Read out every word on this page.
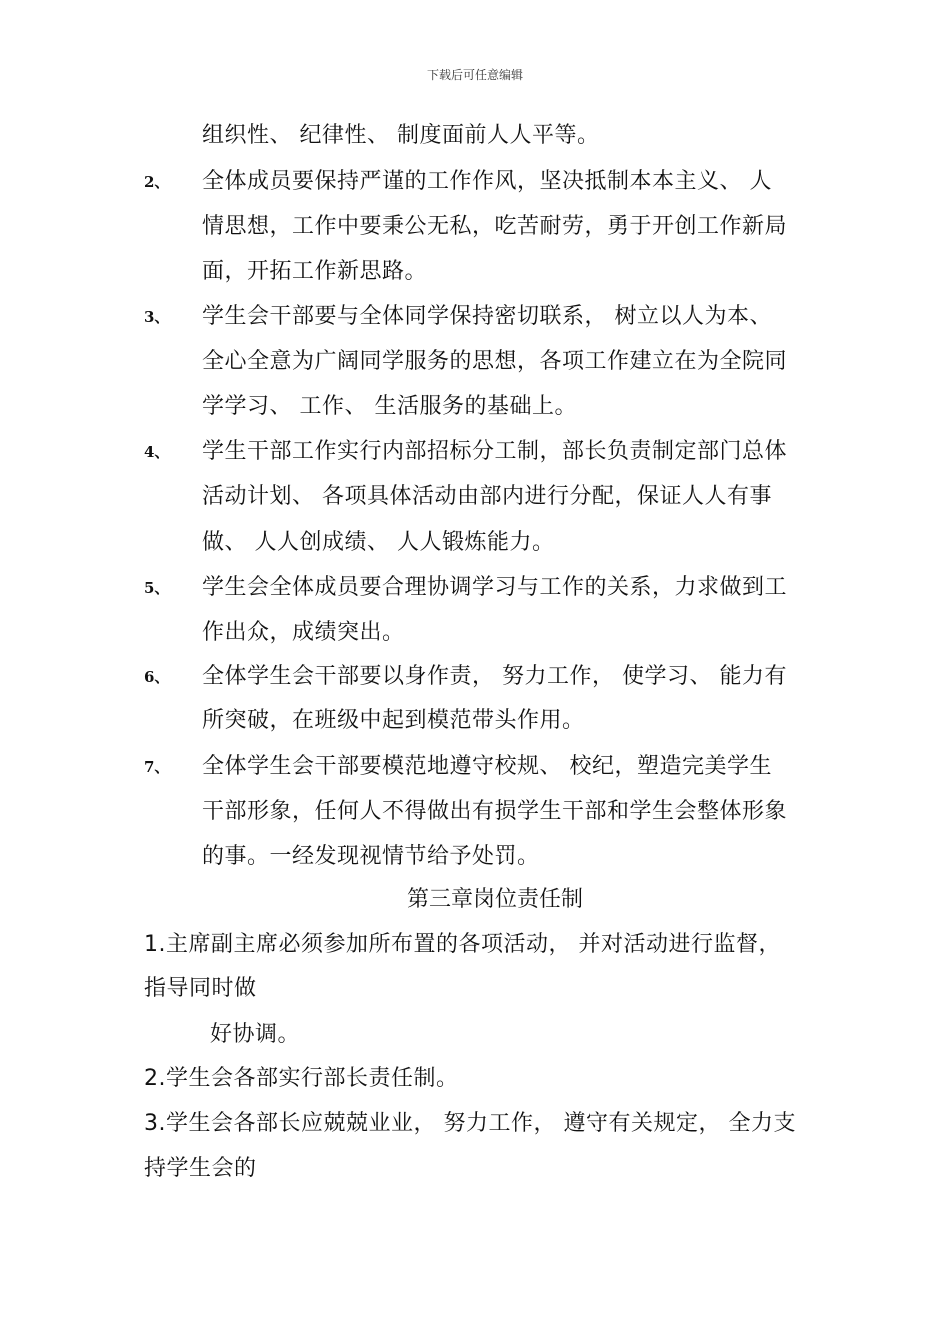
下载后可任意编辑
组织性、 纪律性、 制度面前人人平等。
2、 全体成员要保持严谨的工作作风，坚决抵制本本主义、 人
情思想，工作中要秉公无私，吃苦耐劳，勇于开创工作新局
面，开拓工作新思路。
3、 学生会干部要与全体同学保持密切联系， 树立以人为本、
全心全意为广阔同学服务的思想，各项工作建立在为全院同
学学习、 工作、 生活服务的基础上。
4、 学生干部工作实行内部招标分工制，部长负责制定部门总体
活动计划、 各项具体活动由部内进行分配，保证人人有事
做、 人人创成绩、 人人锻炼能力。
5、 学生会全体成员要合理协调学习与工作的关系，力求做到工
作出众，成绩突出。
6、 全体学生会干部要以身作责， 努力工作， 使学习、 能力有
所突破，在班级中起到模范带头作用。
7、 全体学生会干部要模范地遵守校规、 校纪，塑造完美学生
干部形象，任何人不得做出有损学生干部和学生会整体形象
的事。一经发现视情节给予处罚。
第三章岗位责任制
1.主席副主席必须参加所布置的各项活动， 并对活动进行监督，
指导同时做
好协调。
2.学生会各部实行部长责任制。
3.学生会各部长应兢兢业业， 努力工作， 遵守有关规定， 全力支
持学生会的
